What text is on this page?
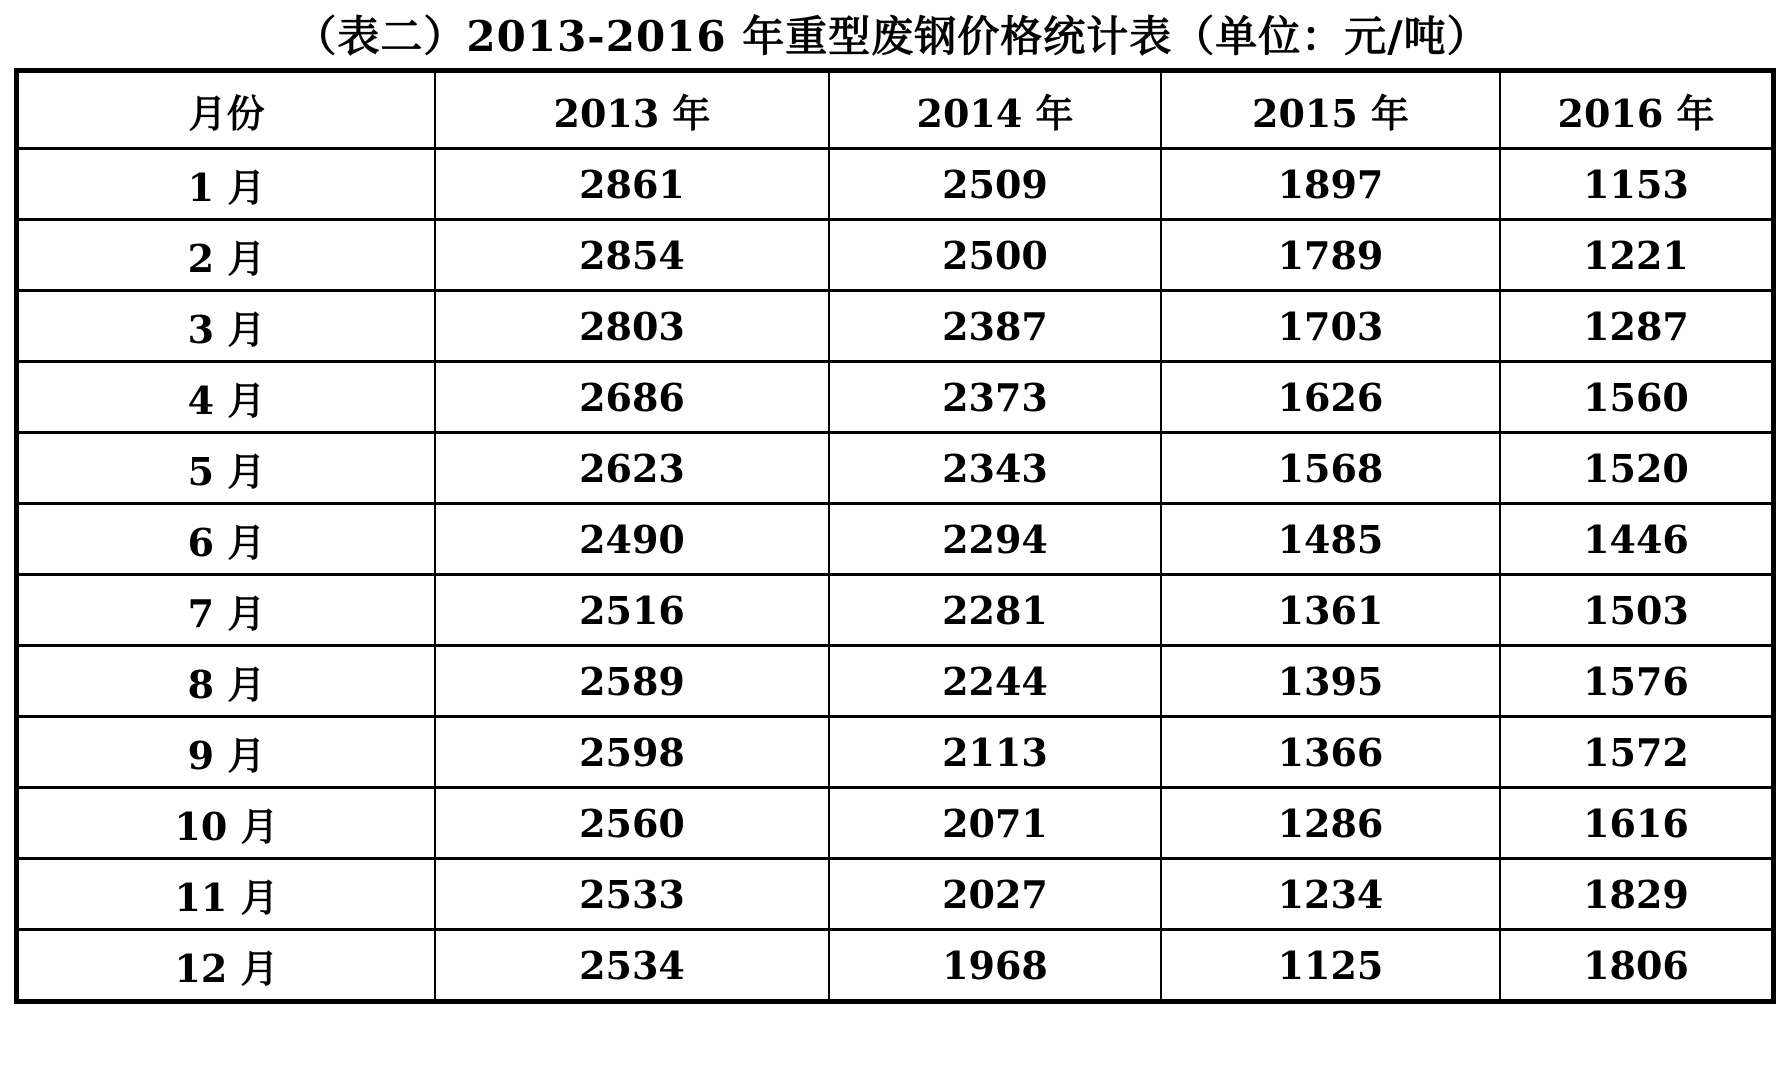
（表二）2013-2016 年重型废钢价格统计表（单位：元/吨）
月份	2013 年	2014 年	2015 年	2016 年
1 月	2861	2509	1897	1153
2 月	2854	2500	1789	1221
3 月	2803	2387	1703	1287
4 月	2686	2373	1626	1560
5 月	2623	2343	1568	1520
6 月	2490	2294	1485	1446
7 月	2516	2281	1361	1503
8 月	2589	2244	1395	1576
9 月	2598	2113	1366	1572
10 月	2560	2071	1286	1616
11 月	2533	2027	1234	1829
12 月	2534	1968	1125	1806
